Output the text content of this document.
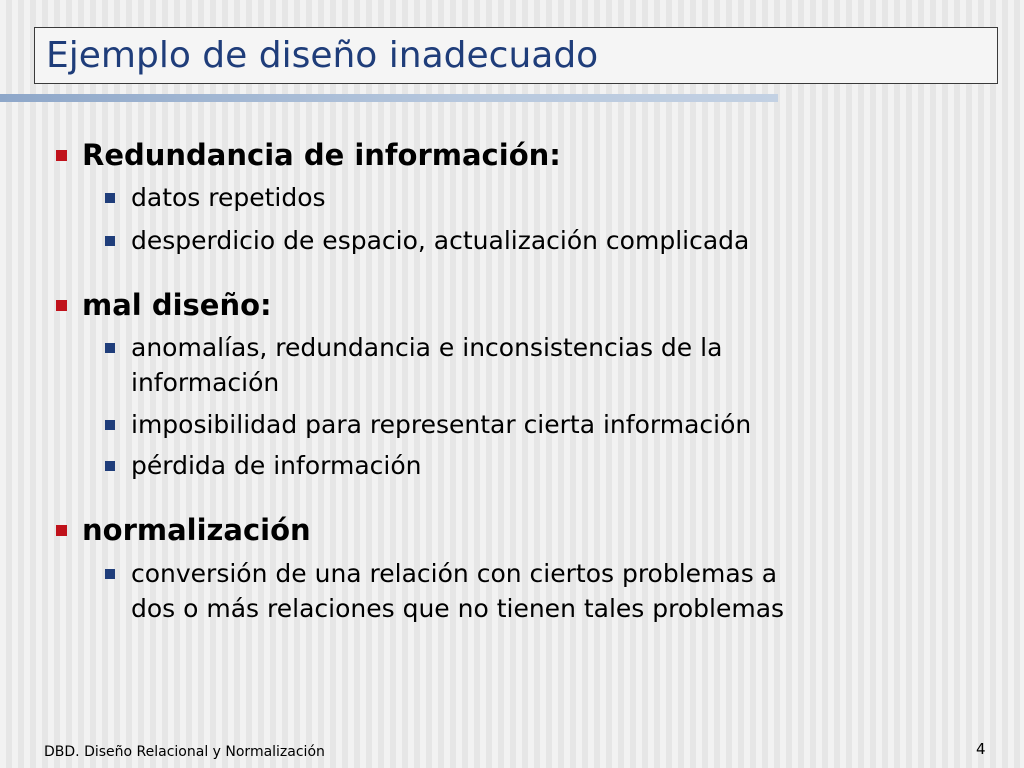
Ejemplo de diseño inadecuado
Redundancia de información:
datos repetidos
desperdicio de espacio, actualización complicada
mal diseño:
anomalías, redundancia e inconsistencias de la
información
imposibilidad para representar cierta información
pérdida de información
normalización
conversión de una relación con ciertos problemas a
dos o más relaciones que no tienen tales problemas
DBD. Diseño Relacional y Normalización	4
